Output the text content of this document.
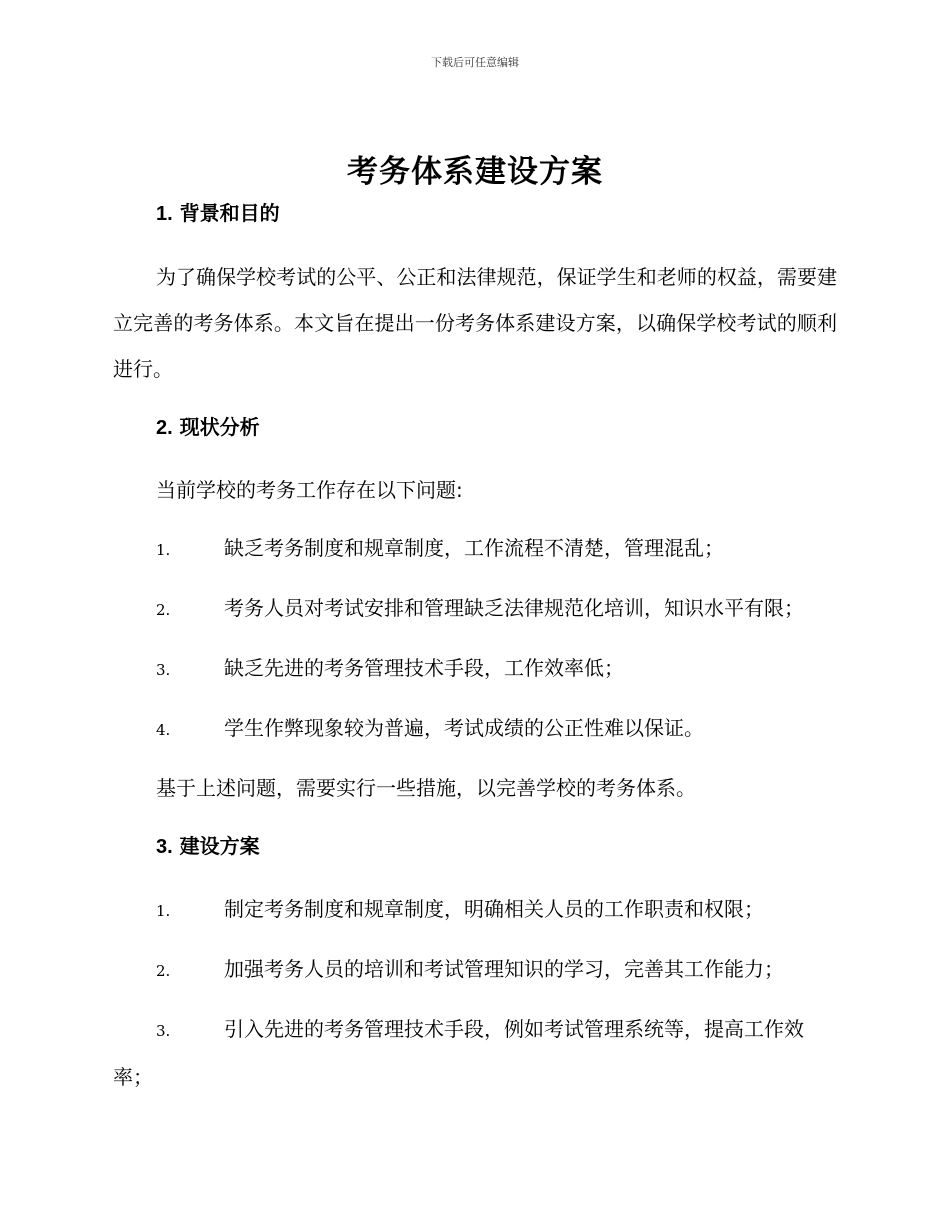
下载后可任意编辑
考务体系建设方案
1. 背景和目的

为了确保学校考试的公平、公正和法律规范，保证学生和老师的权益，需要建立完善的考务体系。本文旨在提出一份考务体系建设方案，以确保学校考试的顺利进行。

2. 现状分析

当前学校的考务工作存在以下问题:

1.	缺乏考务制度和规章制度，工作流程不清楚，管理混乱；

2.	考务人员对考试安排和管理缺乏法律规范化培训，知识水平有限；

3.	缺乏先进的考务管理技术手段，工作效率低；

4.	学生作弊现象较为普遍，考试成绩的公正性难以保证。

基于上述问题，需要实行一些措施，以完善学校的考务体系。

3. 建设方案

1.	制定考务制度和规章制度，明确相关人员的工作职责和权限；

2.	加强考务人员的培训和考试管理知识的学习，完善其工作能力；

3.	引入先进的考务管理技术手段，例如考试管理系统等，提高工作效率；
